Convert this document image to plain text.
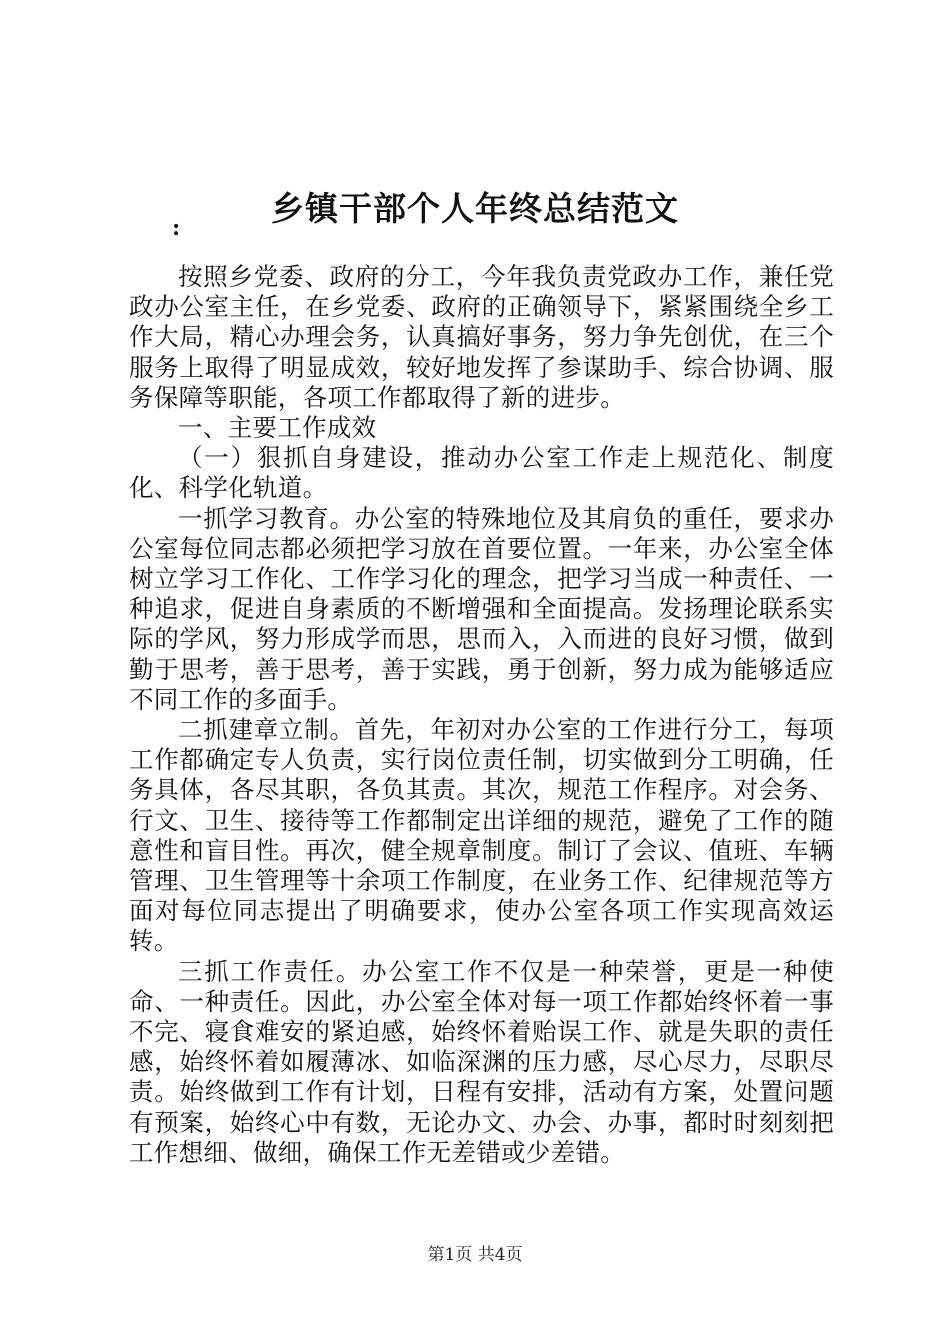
乡镇干部个人年终总结范文
:

按照乡党委、政府的分工，今年我负责党政办工作，兼任党政办公室主任，在乡党委、政府的正确领导下，紧紧围绕全乡工作大局，精心办理会务，认真搞好事务，努力争先创优，在三个服务上取得了明显成效，较好地发挥了参谋助手、综合协调、服务保障等职能，各项工作都取得了新的进步。

一、主要工作成效

（一）狠抓自身建设，推动办公室工作走上规范化、制度化、科学化轨道。

一抓学习教育。办公室的特殊地位及其肩负的重任，要求办公室每位同志都必须把学习放在首要位置。一年来，办公室全体树立学习工作化、工作学习化的理念，把学习当成一种责任、一种追求，促进自身素质的不断增强和全面提高。发扬理论联系实际的学风，努力形成学而思，思而入，入而进的良好习惯，做到勤于思考，善于思考，善于实践，勇于创新，努力成为能够适应不同工作的多面手。

二抓建章立制。首先，年初对办公室的工作进行分工，每项工作都确定专人负责，实行岗位责任制，切实做到分工明确，任务具体，各尽其职，各负其责。其次，规范工作程序。对会务、行文、卫生、接待等工作都制定出详细的规范，避免了工作的随意性和盲目性。再次，健全规章制度。制订了会议、值班、车辆管理、卫生管理等十余项工作制度，在业务工作、纪律规范等方面对每位同志提出了明确要求，使办公室各项工作实现高效运转。

三抓工作责任。办公室工作不仅是一种荣誉，更是一种使命、一种责任。因此，办公室全体对每一项工作都始终怀着一事不完、寝食难安的紧迫感，始终怀着贻误工作、就是失职的责任感，始终怀着如履薄冰、如临深渊的压力感，尽心尽力，尽职尽责。始终做到工作有计划，日程有安排，活动有方案，处置问题有预案，始终心中有数，无论办文、办会、办事，都时时刻刻把工作想细、做细，确保工作无差错或少差错。

第1页 共4页
